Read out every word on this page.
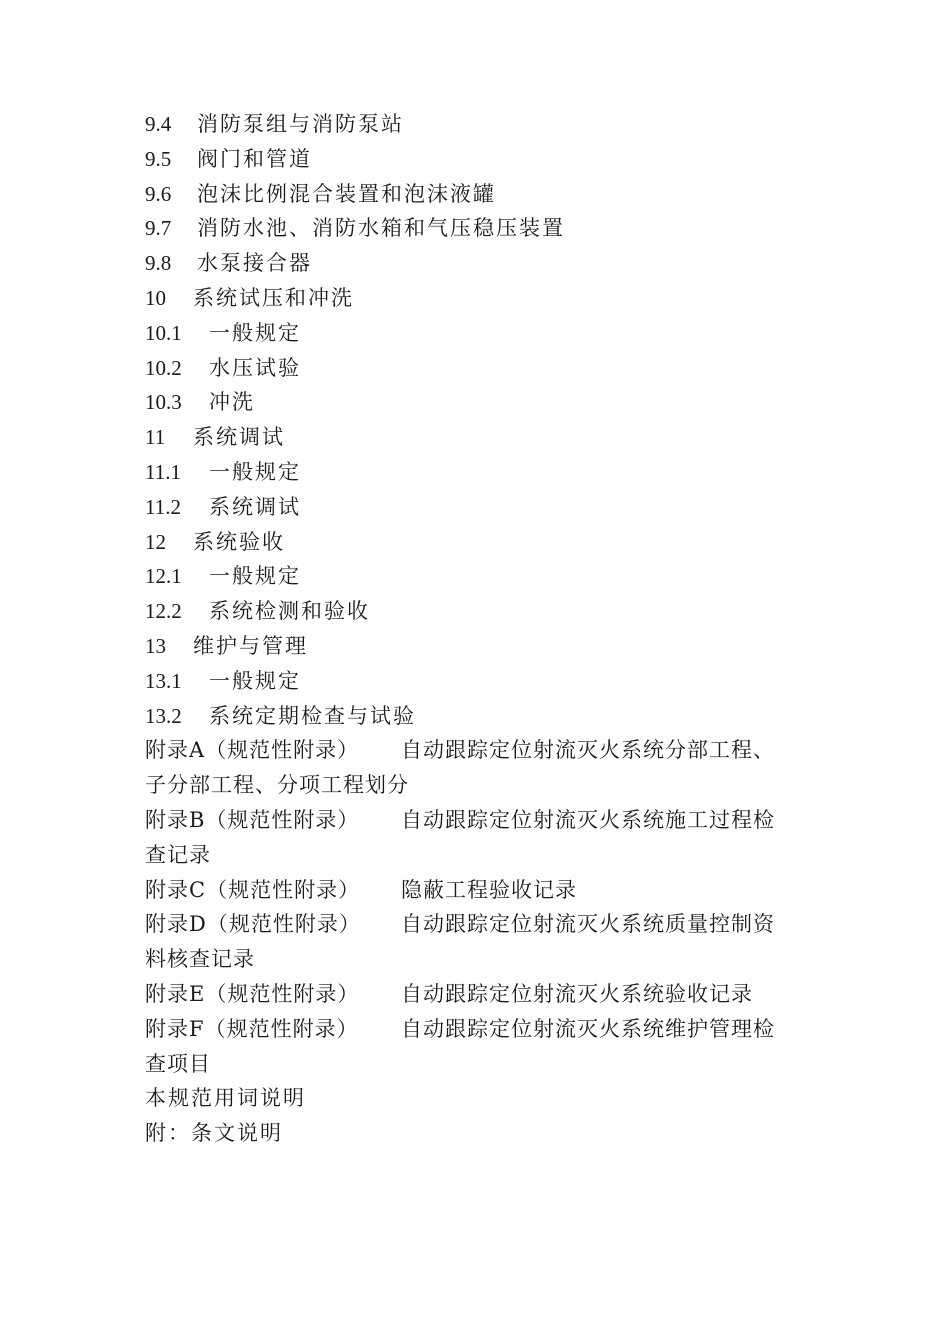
9.4 消防泵组与消防泵站
9.5 阀门和管道
9.6 泡沫比例混合装置和泡沫液罐
9.7 消防水池、消防水箱和气压稳压装置
9.8 水泵接合器
10 系统试压和冲洗
10.1 一般规定
10.2 水压试验
10.3 冲洗
11 系统调试
11.1 一般规定
11.2 系统调试
12 系统验收
12.1 一般规定
12.2 系统检测和验收
13 维护与管理
13.1 一般规定
13.2 系统定期检查与试验
附录A（规范性附录） 自动跟踪定位射流灭火系统分部工程、
子分部工程、分项工程划分
附录B（规范性附录） 自动跟踪定位射流灭火系统施工过程检
查记录
附录C（规范性附录） 隐蔽工程验收记录
附录D（规范性附录） 自动跟踪定位射流灭火系统质量控制资
料核查记录
附录E（规范性附录） 自动跟踪定位射流灭火系统验收记录
附录F（规范性附录） 自动跟踪定位射流灭火系统维护管理检
查项目
本规范用词说明
附：条文说明
